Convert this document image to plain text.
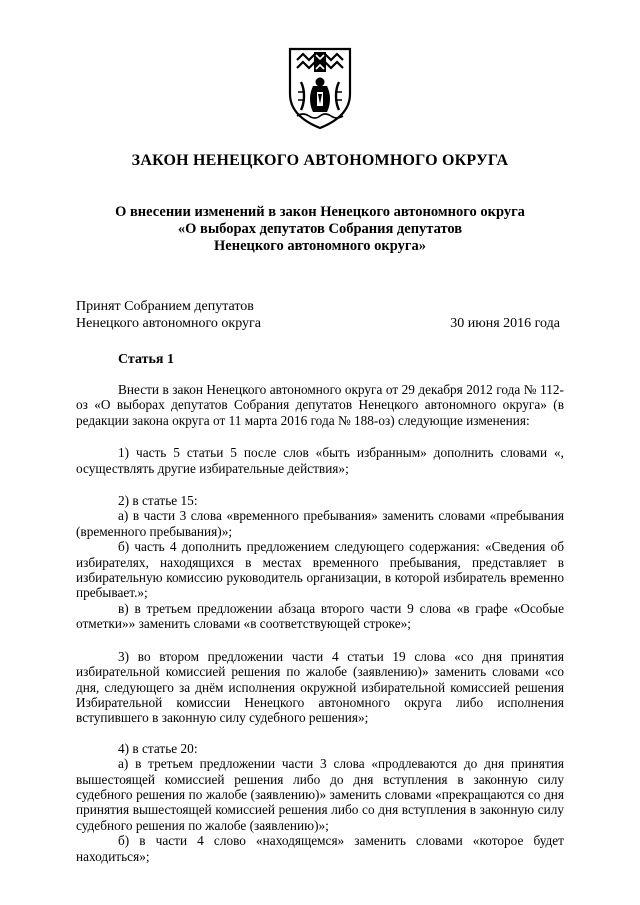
ЗАКОН НЕНЕЦКОГО АВТОНОМНОГО ОКРУГА
О внесении изменений в закон Ненецкого автономного округа
«О выборах депутатов Собрания депутатов
Ненецкого автономного округа»
Принят Собранием депутатов
Ненецкого автономного округа	30 июня 2016 года
Статья 1

Внести в закон Ненецкого автономного округа от 29 декабря 2012 года № 112-оз «О выборах депутатов Собрания депутатов Ненецкого автономного округа» (в редакции закона округа от 11 марта 2016 года № 188-оз) следующие изменения:

1) часть 5 статьи 5 после слов «быть избранным» дополнить словами «, осуществлять другие избирательные действия»;

2) в статье 15:

а) в части 3 слова «временного пребывания» заменить словами «пребывания (временного пребывания)»;

б) часть 4 дополнить предложением следующего содержания: «Сведения об избирателях, находящихся в местах временного пребывания, представляет в избирательную комиссию руководитель организации, в которой избиратель временно пребывает.»;

в) в третьем предложении абзаца второго части 9 слова «в графе «Особые отметки»» заменить словами «в соответствующей строке»;

3) во втором предложении части 4 статьи 19 слова «со дня принятия избирательной комиссией решения по жалобе (заявлению)» заменить словами «со дня, следующего за днём исполнения окружной избирательной комиссией решения Избирательной комиссии Ненецкого автономного округа либо исполнения вступившего в законную силу судебного решения»;

4) в статье 20:

а) в третьем предложении части 3 слова «продлеваются до дня принятия вышестоящей комиссией решения либо до дня вступления в законную силу судебного решения по жалобе (заявлению)» заменить словами «прекращаются со дня принятия вышестоящей комиссией решения либо со дня вступления в законную силу судебного решения по жалобе (заявлению)»;

б) в части 4 слово «находящемся» заменить словами «которое будет находиться»;
